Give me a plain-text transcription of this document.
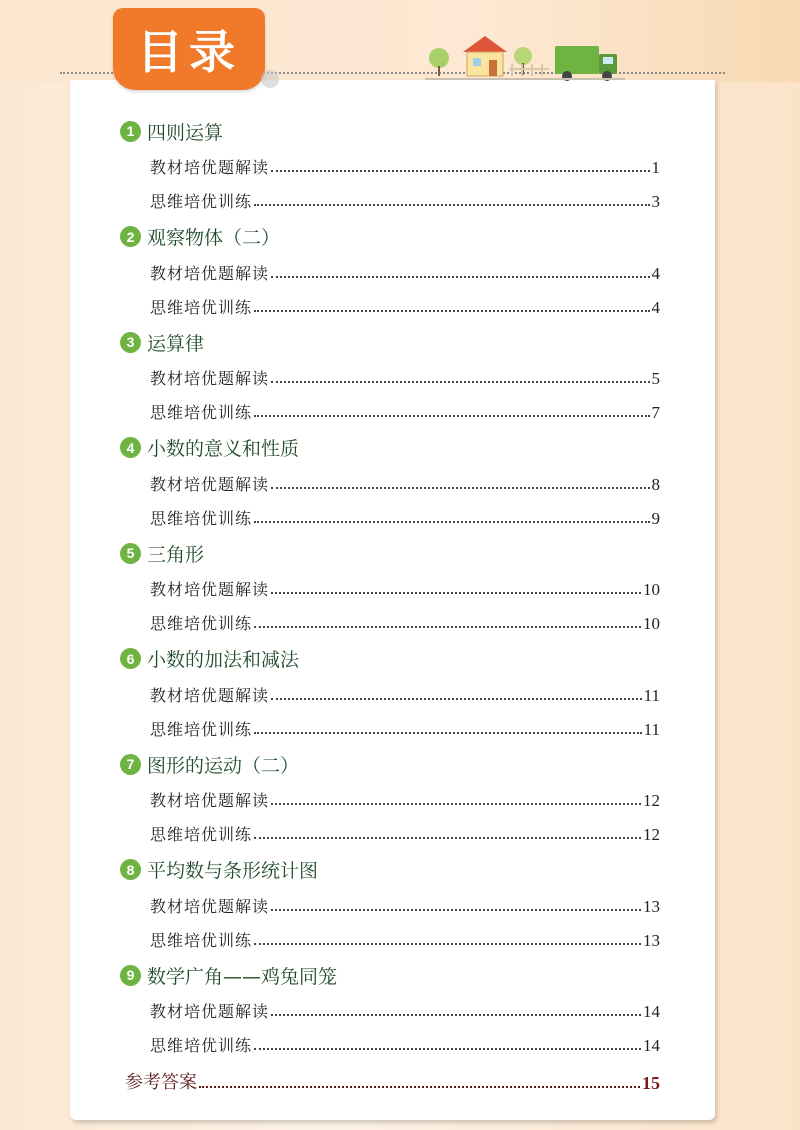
目录
1 四则运算
教材培优题解读	1
思维培优训练	3
2 观察物体（二）
教材培优题解读	4
思维培优训练	4
3 运算律
教材培优题解读	5
思维培优训练	7
4 小数的意义和性质
教材培优题解读	8
思维培优训练	9
5 三角形
教材培优题解读	10
思维培优训练	10
6 小数的加法和减法
教材培优题解读	11
思维培优训练	11
7 图形的运动（二）
教材培优题解读	12
思维培优训练	12
8 平均数与条形统计图
教材培优题解读	13
思维培优训练	13
9 数学广角——鸡兔同笼
教材培优题解读	14
思维培优训练	14
参考答案	15
